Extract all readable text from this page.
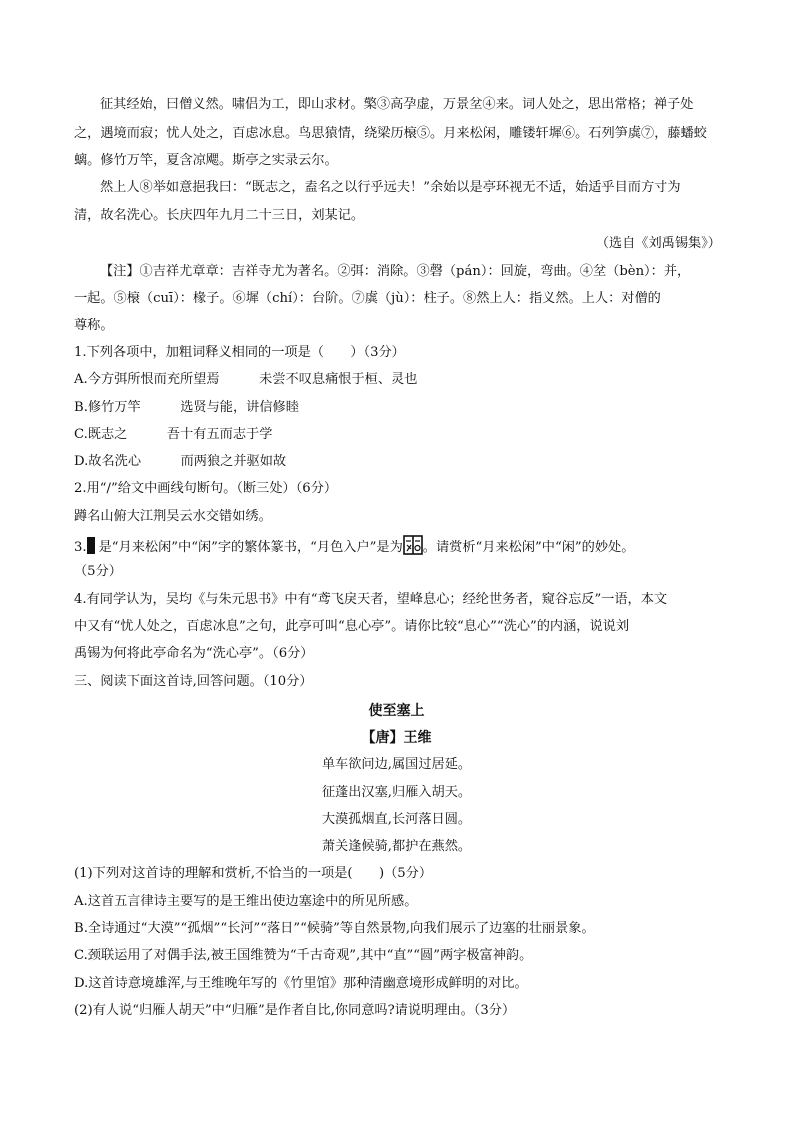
征其经始，曰僧义然。啸侣为工，即山求材。檠③高孕虚，万景坌④来。词人处之，思出常格；禅子处
之，遇境而寂；忧人处之，百虑冰息。鸟思猿情，绕梁历榱⑤。月来松闲，雕镂轩墀⑥。石列笋虡⑦，藤蟠蛟
螭。修竹万竿，夏含凉飔。斯亭之实录云尔。
然上人⑧举如意挹我曰：“既志之，盍名之以行乎远夫！”余始以是亭环视无不适，始适乎目而方寸为
清，故名洗心。长庆四年九月二十三日，刘某记。
（选自《刘禹锡集》）
【注】①吉祥尤章章：吉祥寺尤为著名。②弭：消除。③磬（pán）：回旋，弯曲。④坌（bèn）：并，
一起。⑤榱（cuī）：椽子。⑥墀（chí）：台阶。⑦虡（jù）：柱子。⑧然上人：指义然。上人：对僧的
尊称。
1.下列各项中，加粗词释义相同的一项是（　　）（3分）
A.今方弭所恨而充所望焉　　　未尝不叹息痛恨于桓、灵也
B.修竹万竿　　　选贤与能，讲信修睦
C.既志之　　　吾十有五而志于学
D.故名洗心　　　而两狼之并驱如故
2.用“/”给文中画线句断句。（断三处）（6分）
蹲名山俯大江荆吴云水交错如绣。
3. 是“月来松闲”中“闲”字的繁体篆书，“月色入户”是为 。请赏析“月来松闲”中“闲”的妙处。
（5分）
4.有同学认为，吴均《与朱元思书》中有“鸢飞戾天者，望峰息心；经纶世务者，窥谷忘反”一语，本文
中又有“忧人处之，百虑冰息”之句，此亭可叫“息心亭”。请你比较“息心”“洗心”的内涵，说说刘
禹锡为何将此亭命名为“洗心亭”。（6分）
三、阅读下面这首诗,回答问题。（10分）
使至塞上
【唐】王维
单车欲问边,属国过居延。
征蓬出汉塞,归雁入胡天。
大漠孤烟直,长河落日圆。
萧关逢候骑,都护在燕然。
(1)下列对这首诗的理解和赏析,不恰当的一项是(　　)（5分）
A.这首五言律诗主要写的是王维出使边塞途中的所见所感。
B.全诗通过“大漠”“孤烟”“长河”“落日”“候骑”等自然景物,向我们展示了边塞的壮丽景象。
C.颈联运用了对偶手法,被王国维赞为“千古奇观”,其中“直”“圆”两字极富神韵。
D.这首诗意境雄浑,与王维晚年写的《竹里馆》那种清幽意境形成鲜明的对比。
(2)有人说“归雁人胡天”中“归雁”是作者自比,你同意吗?请说明理由。（3分）
